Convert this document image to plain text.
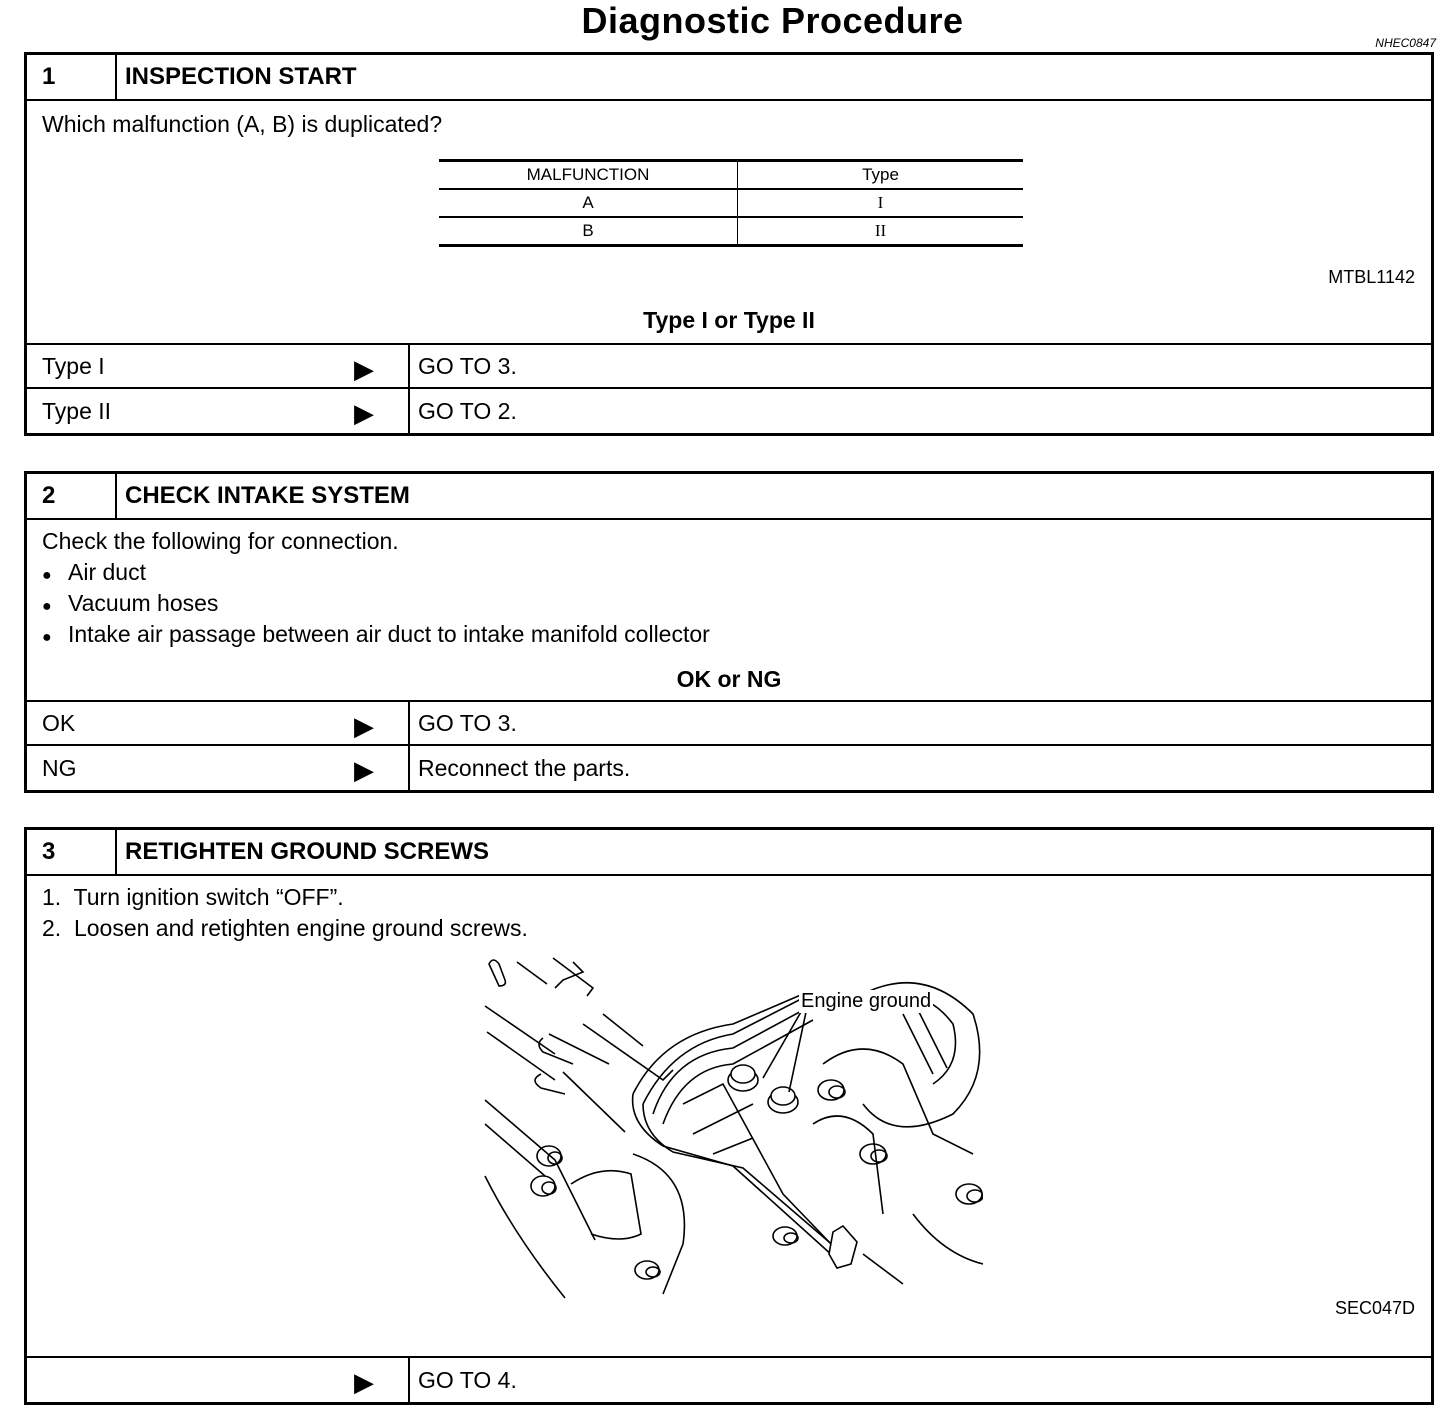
Diagnostic Procedure
NHEC0847
1	INSPECTION START
Which malfunction (A, B) is duplicated?
MALFUNCTION	Type
A	I
B	II
MTBL1142
Type I or Type II
Type I	▶	GO TO 3.
Type II	▶	GO TO 2.
2	CHECK INTAKE SYSTEM
Check the following for connection.
● Air duct
● Vacuum hoses
● Intake air passage between air duct to intake manifold collector
OK or NG
OK	▶	GO TO 3.
NG	▶	Reconnect the parts.
3	RETIGHTEN GROUND SCREWS
1.  Turn ignition switch “OFF”.
2.  Loosen and retighten engine ground screws.
Engine ground
SEC047D
▶	GO TO 4.
